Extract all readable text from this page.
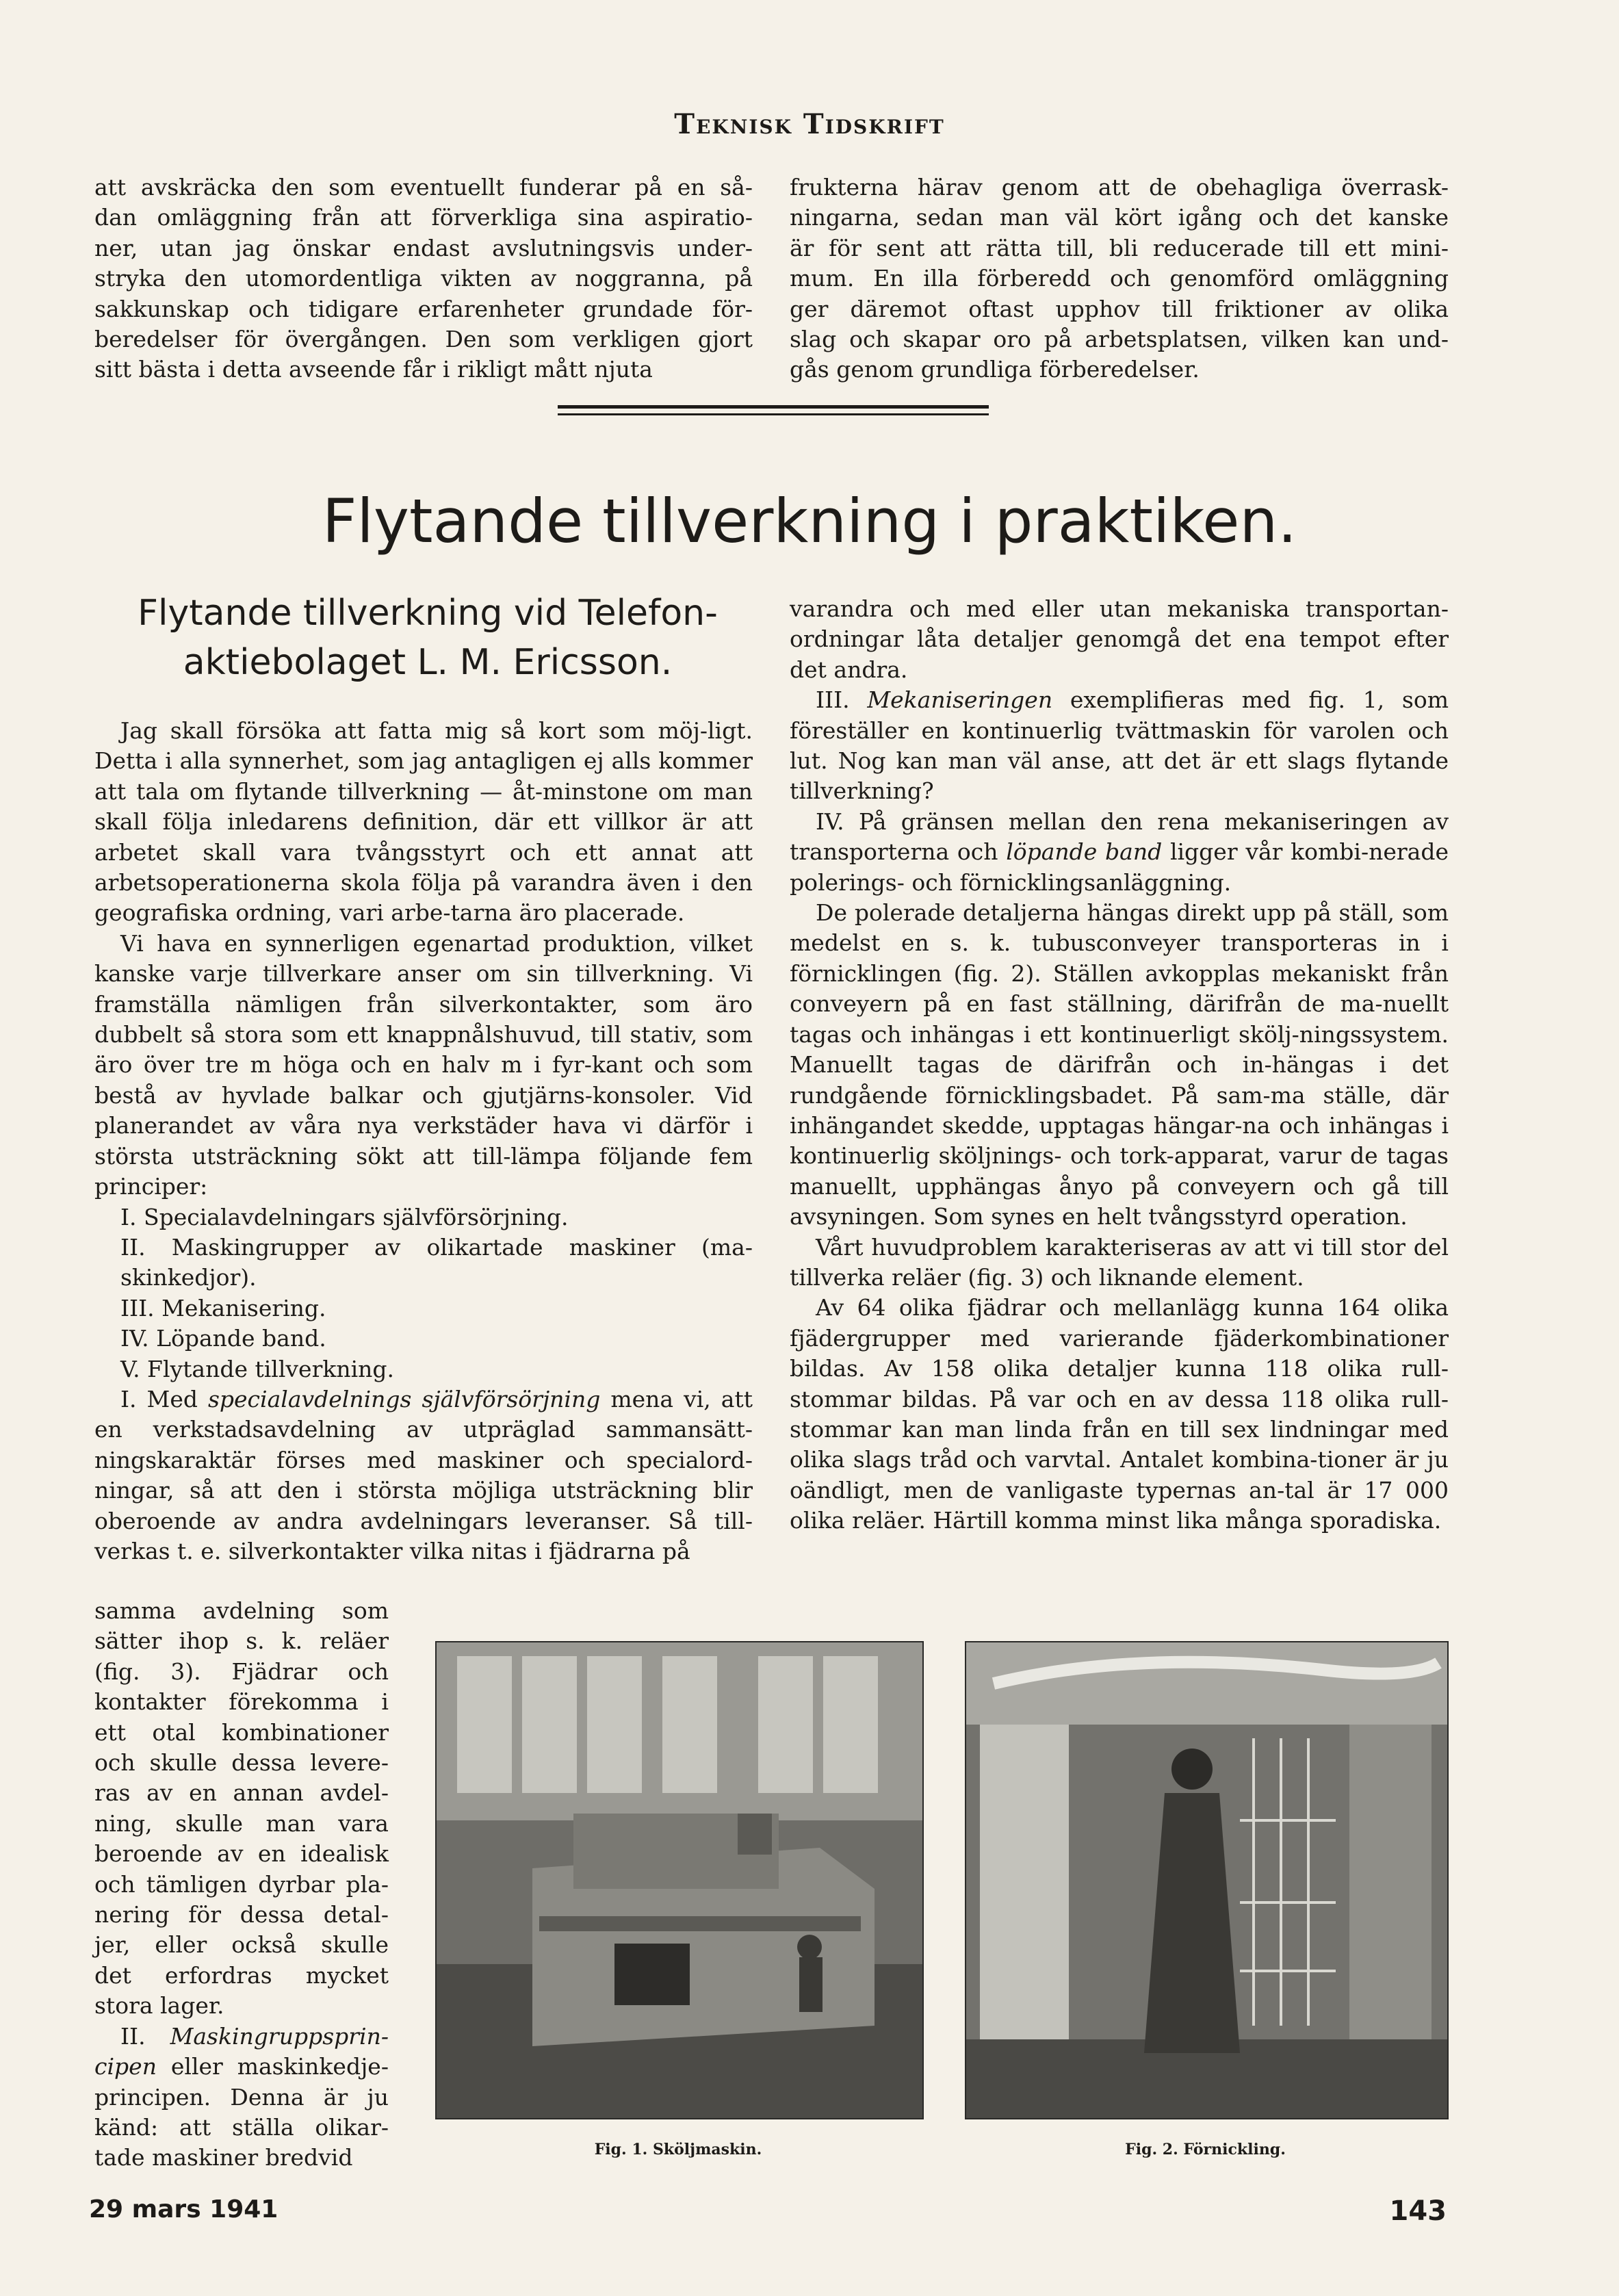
Teknisk Tidskrift
att avskräcka den som eventuellt funderar på en så-
dan omläggning från att förverkliga sina aspiratio-
ner, utan jag önskar endast avslutningsvis under-
stryka den utomordentliga vikten av noggranna, på
sakkunskap och tidigare erfarenheter grundade för-
beredelser för övergången. Den som verkligen gjort
sitt bästa i detta avseende får i rikligt mått njuta
frukterna härav genom att de obehagliga överrask-
ningarna, sedan man väl kört igång och det kanske
är för sent att rätta till, bli reducerade till ett mini-
mum. En illa förberedd och genomförd omläggning
ger däremot oftast upphov till friktioner av olika
slag och skapar oro på arbetsplatsen, vilken kan und-
gås genom grundliga förberedelser.
Flytande tillverkning i praktiken.
Flytande tillverkning vid Telefon-
aktiebolaget L. M. Ericsson.

Jag skall försöka att fatta mig så kort som möj-ligt. Detta i alla synnerhet, som jag antagligen ej alls kommer att tala om flytande tillverkning — åt-minstone om man skall följa inledarens definition, där ett villkor är att arbetet skall vara tvångsstyrt och ett annat att arbetsoperationerna skola följa på varandra även i den geografiska ordning, vari arbe-tarna äro placerade.

Vi hava en synnerligen egenartad produktion, vilket kanske varje tillverkare anser om sin tillverkning. Vi framställa nämligen från silverkontakter, som äro dubbelt så stora som ett knappnålshuvud, till stativ, som äro över tre m höga och en halv m i fyr-kant och som bestå av hyvlade balkar och gjutjärns-konsoler. Vid planerandet av våra nya verkstäder hava vi därför i största utsträckning sökt att till-lämpa följande fem principer:

I. Specialavdelningars självförsörjning.

II. Maskingrupper av olikartade maskiner (ma-skinkedjor).

III. Mekanisering.

IV. Löpande band.

V. Flytande tillverkning.

I. Med specialavdelnings självförsörjning mena vi, att en verkstadsavdelning av utpräglad sammansätt-ningskaraktär förses med maskiner och specialord-ningar, så att den i största möjliga utsträckning blir oberoende av andra avdelningars leveranser. Så till-verkas t. e. silverkontakter vilka nitas i fjädrarna på

samma avdelning som
sätter ihop s. k. reläer
(fig. 3). Fjädrar och
kontakter förekomma i
ett otal kombinationer
och skulle dessa levere-
ras av en annan avdel-
ning, skulle man vara
beroende av en idealisk
och tämligen dyrbar pla-
nering för dessa detal-
jer, eller också skulle
det erfordras mycket
stora lager.

II. Maskingruppsprin-cipen eller maskinkedje-principen. Denna är ju känd: att ställa olikar-tade maskiner bredvid

varandra och med eller utan mekaniska transportan-ordningar låta detaljer genomgå det ena tempot efter det andra.

III. Mekaniseringen exemplifieras med fig. 1, som föreställer en kontinuerlig tvättmaskin för varolen och lut. Nog kan man väl anse, att det är ett slags flytande tillverkning?

IV. På gränsen mellan den rena mekaniseringen av transporterna och löpande band ligger vår kombi-nerade polerings- och förnicklingsanläggning.

De polerade detaljerna hängas direkt upp på ställ, som medelst en s. k. tubusconveyer transporteras in i förnicklingen (fig. 2). Ställen avkopplas mekaniskt från conveyern på en fast ställning, därifrån de ma-nuellt tagas och inhängas i ett kontinuerligt skölj-ningssystem. Manuellt tagas de därifrån och in-hängas i det rundgående förnicklingsbadet. På sam-ma ställe, där inhängandet skedde, upptagas hängar-na och inhängas i kontinuerlig sköljnings- och tork-apparat, varur de tagas manuellt, upphängas ånyo på conveyern och gå till avsyningen. Som synes en helt tvångsstyrd operation.

Vårt huvudproblem karakteriseras av att vi till stor del tillverka reläer (fig. 3) och liknande element.

Av 64 olika fjädrar och mellanlägg kunna 164 olika fjädergrupper med varierande fjäderkombinationer bildas. Av 158 olika detaljer kunna 118 olika rull-stommar bildas. På var och en av dessa 118 olika rull-stommar kan man linda från en till sex lindningar med olika slags tråd och varvtal. Antalet kombina-tioner är ju oändligt, men de vanligaste typernas an-tal är 17 000 olika reläer. Härtill komma minst lika många sporadiska.

Fig. 1. Sköljmaskin.	Fig. 2. Förnickling.
29 mars 1941	143
